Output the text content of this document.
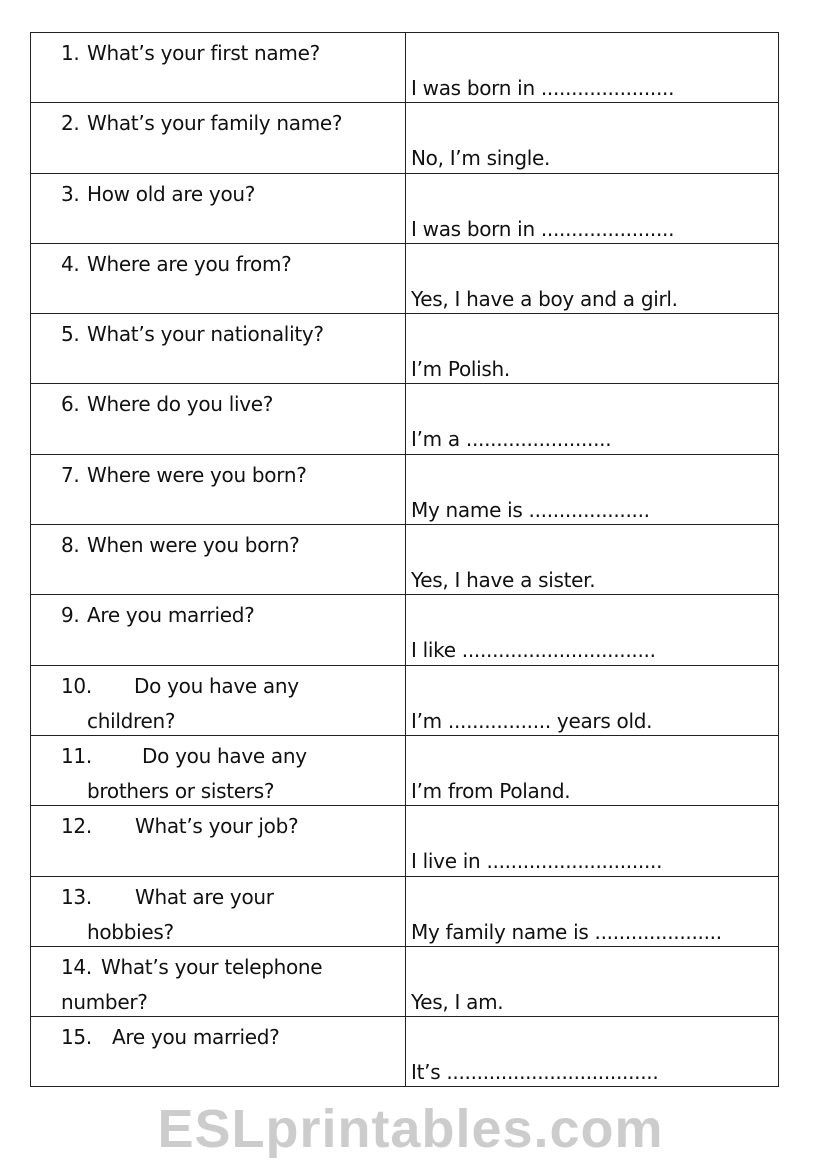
1. What’s your first name?	I was born in ......................

2. What’s your family name?	No, I’m single.

3. How old are you?	I was born in ......................

4. Where are you from?	Yes, I have a boy and a girl.

5. What’s your nationality?	I’m Polish.

6. Where do you live?	I’m a ........................

7. Where were you born?	My name is ....................

8. When were you born?	Yes, I have a sister.

9. Are you married?	I like ................................

10. Do you have any
children?	I’m ................. years old.

11. Do you have any
brothers or sisters?	I’m from Poland.

12. What’s your job?	I live in .............................

13. What are your
hobbies?	My family name is .....................

14. What’s your telephone
number?	Yes, I am.

15. Are you married?	It’s ...................................
ESLprintables.com
